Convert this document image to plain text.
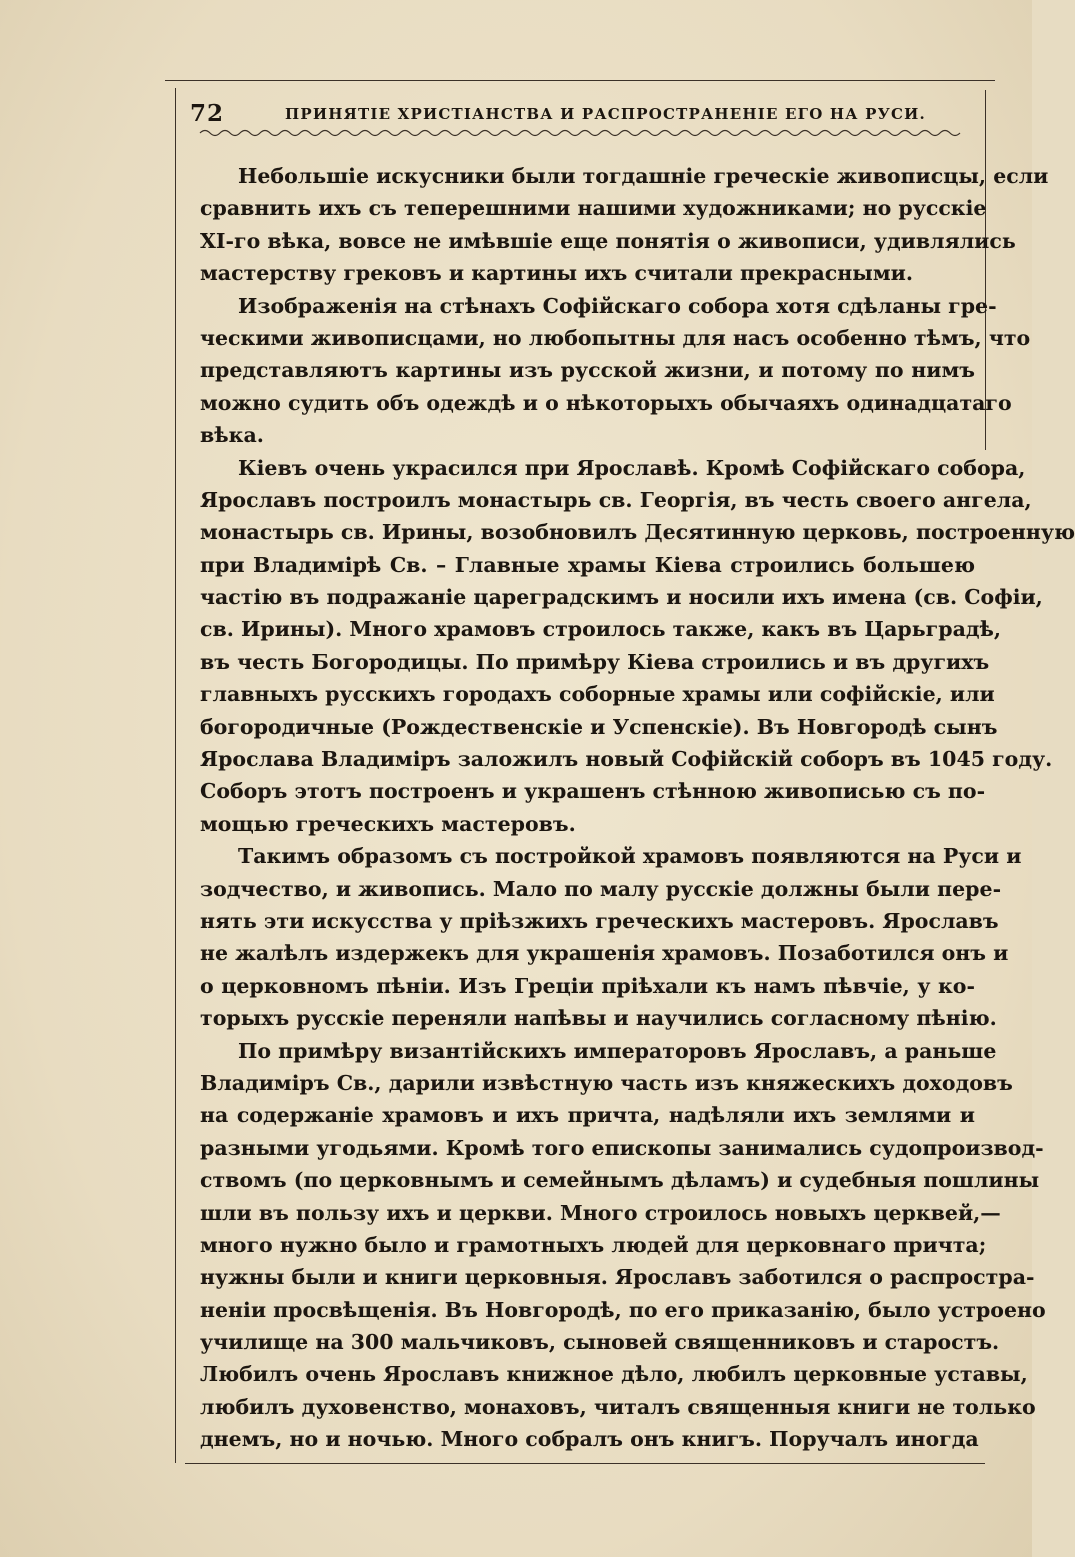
72	ПРИНЯТІЕ ХРИСТІАНСТВА И РАСПРОСТРАНЕНІЕ ЕГО НА РУСИ.
Небольшіе искусники были тогдашніе греческіе живописцы, если
сравнить ихъ съ теперешними нашими художниками; но русскіе
XI-го вѣка, вовсе не имѣвшіе еще понятія о живописи, удивлялись
мастерству грековъ и картины ихъ считали прекрасными.
Изображенія на стѣнахъ Софійскаго собора хотя сдѣланы гре-
ческими живописцами, но любопытны для насъ особенно тѣмъ, что
представляютъ картины изъ русской жизни, и потому по нимъ
можно судить объ одеждѣ и о нѣкоторыхъ обычаяхъ одинадцатаго
вѣка.
Кіевъ очень украсился при Ярославѣ. Кромѣ Софійскаго собора,
Ярославъ построилъ монастырь св. Георгія, въ честь своего ангела,
монастырь св. Ирины, возобновилъ Десятинную церковь, построенную
при Владимірѣ Св. – Главные храмы Кіева строились большею
частію въ подражаніе цареградскимъ и носили ихъ имена (св. Софіи,
св. Ирины). Много храмовъ строилось также, какъ въ Царьградѣ,
въ честь Богородицы. По примѣру Кіева строились и въ другихъ
главныхъ русскихъ городахъ соборные храмы или софійскіе, или
богородичные (Рождественскіе и Успенскіе). Въ Новгородѣ сынъ
Ярослава Владиміръ заложилъ новый Софійскій соборъ въ 1045 году.
Соборъ этотъ построенъ и украшенъ стѣнною живописью съ по-
мощью греческихъ мастеровъ.
Такимъ образомъ съ постройкой храмовъ появляются на Руси и
зодчество, и живопись. Мало по малу русскіе должны были пере-
нять эти искусства у пріѣзжихъ греческихъ мастеровъ. Ярославъ
не жалѣлъ издержекъ для украшенія храмовъ. Позаботился онъ и
о церковномъ пѣніи. Изъ Греціи пріѣхали къ намъ пѣвчіе, у ко-
торыхъ русскіе переняли напѣвы и научились согласному пѣнію.
По примѣру византійскихъ императоровъ Ярославъ, а раньше
Владиміръ Св., дарили извѣстную часть изъ княжескихъ доходовъ
на содержаніе храмовъ и ихъ причта, надѣляли ихъ землями и
разными угодьями. Кромѣ того епископы занимались судопроизвод-
ствомъ (по церковнымъ и семейнымъ дѣламъ) и судебныя пошлины
шли въ пользу ихъ и церкви. Много строилось новыхъ церквей,—
много нужно было и грамотныхъ людей для церковнаго причта;
нужны были и книги церковныя. Ярославъ заботился о распростра-
неніи просвѣщенія. Въ Новгородѣ, по его приказанію, было устроено
училище на 300 мальчиковъ, сыновей священниковъ и старостъ.
Любилъ очень Ярославъ книжное дѣло, любилъ церковные уставы,
любилъ духовенство, монаховъ, читалъ священныя книги не только
днемъ, но и ночью. Много собралъ онъ книгъ. Поручалъ иногда
